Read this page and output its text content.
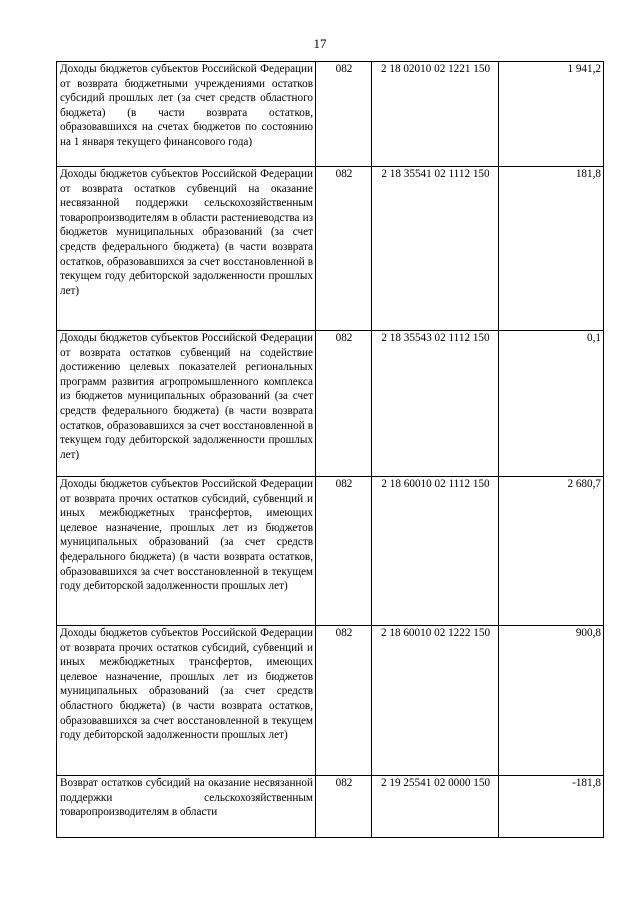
17
Доходы бюджетов субъектов Российской Федерации от возврата бюджетными учреждениями остатков субсидий прошлых лет (за счет средств областного бюджета) (в части возврата остатков, образовавшихся на счетах бюджетов по состоянию на 1 января текущего финансового года)	082	2 18 02010 02 1221 150	1 941,2
Доходы бюджетов субъектов Российской Федерации от возврата остатков субвенций на оказание несвязанной поддержки сельскохозяйственным товаропроизводителям в области растениеводства из бюджетов муниципальных образований (за счет средств федерального бюджета) (в части возврата остатков, образовавшихся за счет восстановленной в текущем году дебиторской задолженности прошлых лет)	082	2 18 35541 02 1112 150	181,8
Доходы бюджетов субъектов Российской Федерации от возврата остатков субвенций на содействие достижению целевых показателей региональных программ развития агропромышленного комплекса из бюджетов муниципальных образований (за счет средств федерального бюджета) (в части возврата остатков, образовавшихся за счет восстановленной в текущем году дебиторской задолженности прошлых лет)	082	2 18 35543 02 1112 150	0,1
Доходы бюджетов субъектов Российской Федерации от возврата прочих остатков субсидий, субвенций и иных межбюджетных трансфертов, имеющих целевое назначение, прошлых лет из бюджетов муниципальных образований (за счет средств федерального бюджета) (в части возврата остатков, образовавшихся за счет восстановленной в текущем году дебиторской задолженности прошлых лет)	082	2 18 60010 02 1112 150	2 680,7
Доходы бюджетов субъектов Российской Федерации от возврата прочих остатков субсидий, субвенций и иных межбюджетных трансфертов, имеющих целевое назначение, прошлых лет из бюджетов муниципальных образований (за счет средств областного бюджета) (в части возврата остатков, образовавшихся за счет восстановленной в текущем году дебиторской задолженности прошлых лет)	082	2 18 60010 02 1222 150	900,8
Возврат остатков субсидий на оказание несвязанной поддержки сельскохозяйственным товаропроизводителям в области	082	2 19 25541 02 0000 150	-181,8
